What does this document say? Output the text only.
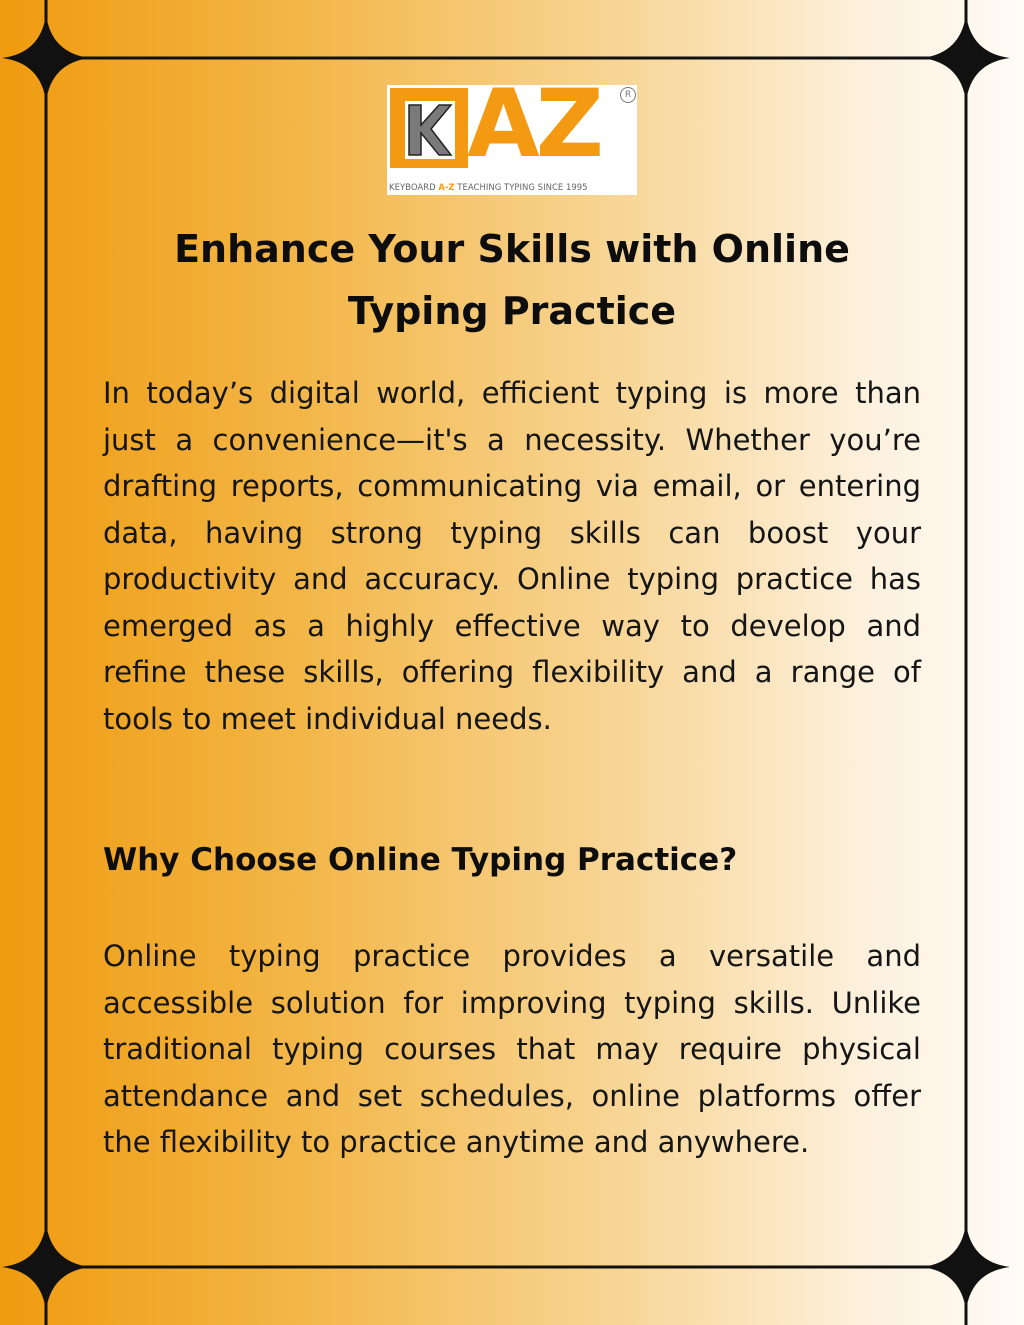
AZ	R
KEYBOARD A-Z TEACHING TYPING SINCE 1995
Enhance Your Skills with Online Typing Practice

In today’s digital world, efficient typing is more than just a convenience—it's a necessity. Whether you’re drafting reports, communicating via email, or entering data, having strong typing skills can boost your productivity and accuracy. Online typing practice has emerged as a highly effective way to develop and refine these skills, offering flexibility and a range of tools to meet individual needs.

Why Choose Online Typing Practice?

Online typing practice provides a versatile and accessible solution for improving typing skills. Unlike traditional typing courses that may require physical attendance and set schedules, online platforms offer the flexibility to practice anytime and anywhere.
